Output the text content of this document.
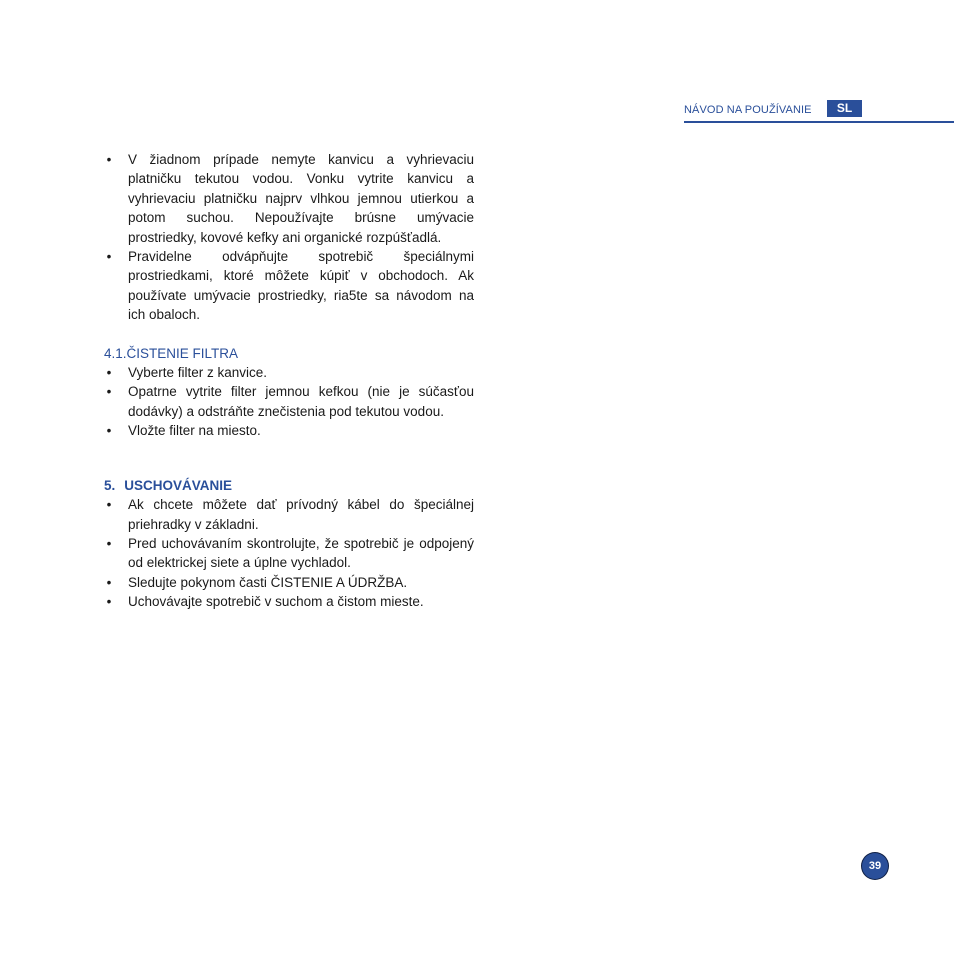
NÁVOD NA POUŽÍVANIE	SL
• V žiadnom prípade nemyte kanvicu a vyhrievaciu platničku tekutou vodou. Vonku vytrite kanvicu a vyhrievaciu platničku najprv vlhkou jemnou utierkou a potom suchou. Nepoužívajte brúsne umývacie prostriedky, kovové kefky ani organické rozpúšťadlá.
• Pravidelne odvápňujte spotrebič špeciálnymi prostriedkami, ktoré môžete kúpiť v obchodoch. Ak používate umývacie prostriedky, ria5te sa návodom na ich obaloch.
4.1.ČISTENIE FILTRA
• Vyberte filter z kanvice.
• Opatrne vytrite filter jemnou kefkou (nie je súčasťou dodávky) a odstráňte znečistenia pod tekutou vodou.
• Vložte filter na miesto.
5. USCHOVÁVANIE
• Ak chcete môžete dať prívodný kábel do špeciálnej priehradky v základni.
• Pred uchovávaním skontrolujte, že spotrebič je odpojený od elektrickej siete a úplne vychladol.
• Sledujte pokynom časti ČISTENIE A ÚDRŽBA.
• Uchovávajte spotrebič v suchom a čistom mieste.
39
